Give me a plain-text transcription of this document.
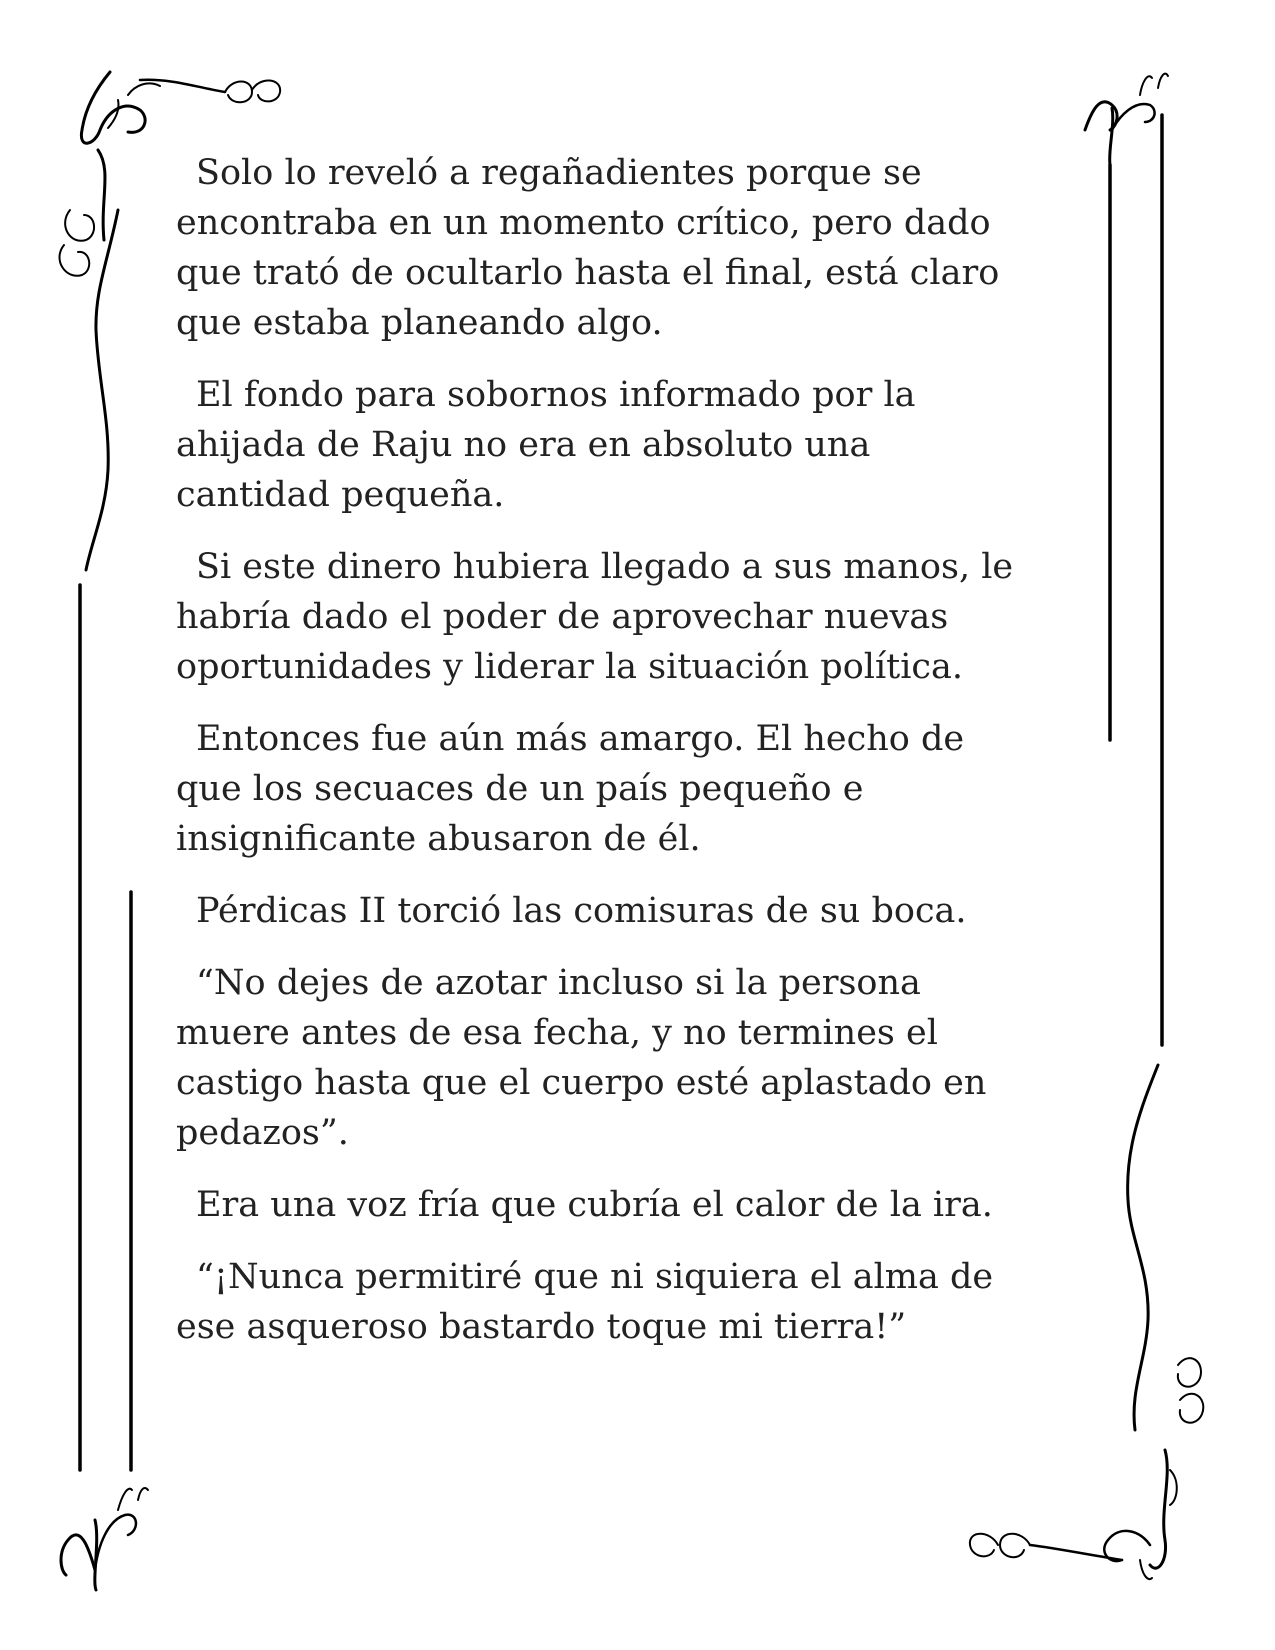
Solo lo reveló a regañadientes porque se
encontraba en un momento crítico, pero dado
que trató de ocultarlo hasta el final, está claro
que estaba planeando algo.

El fondo para sobornos informado por la
ahijada de Raju no era en absoluto una
cantidad pequeña.

Si este dinero hubiera llegado a sus manos, le
habría dado el poder de aprovechar nuevas
oportunidades y liderar la situación política.

Entonces fue aún más amargo. El hecho de
que los secuaces de un país pequeño e
insignificante abusaron de él.

Pérdicas II torció las comisuras de su boca.

“No dejes de azotar incluso si la persona
muere antes de esa fecha, y no termines el
castigo hasta que el cuerpo esté aplastado en
pedazos”.

Era una voz fría que cubría el calor de la ira.

“¡Nunca permitiré que ni siquiera el alma de
ese asqueroso bastardo toque mi tierra!”
